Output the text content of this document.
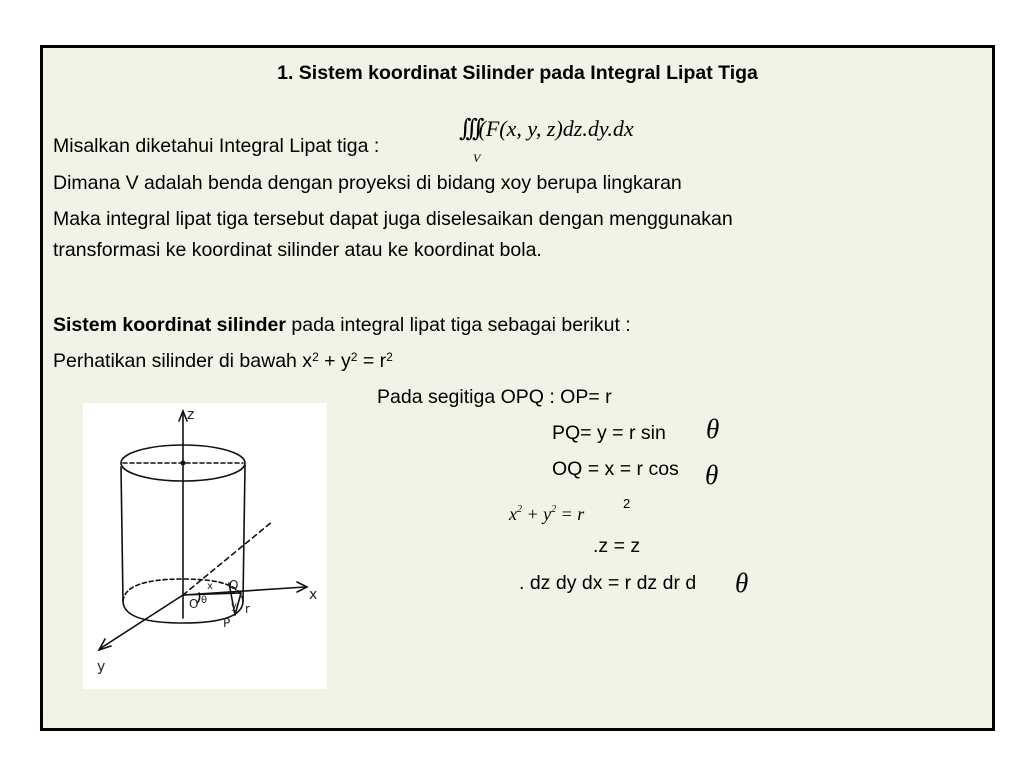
1. Sistem koordinat Silinder pada Integral Lipat Tiga
Misalkan diketahui Integral Lipat tiga :
∫∫∫(F(x, y, z)dz.dy.dx
V
Dimana V adalah benda dengan proyeksi di bidang xoy berupa lingkaran
Maka integral lipat tiga tersebut dapat juga diselesaikan dengan menggunakan
transformasi ke koordinat silinder atau ke koordinat bola.
Sistem koordinat silinder pada integral lipat tiga sebagai berikut :
Perhatikan silinder di bawah $x^2 + y^2 = r^2$
Pada segitiga OPQ : OP= r
PQ= y = r sin θ
OQ = x = r cos θ
$x^2 + y^2 = r$
2
.z = z
. dz dy dx = r dz dr d θ
z
x
y
O
P
Q
r
x
y
θ
